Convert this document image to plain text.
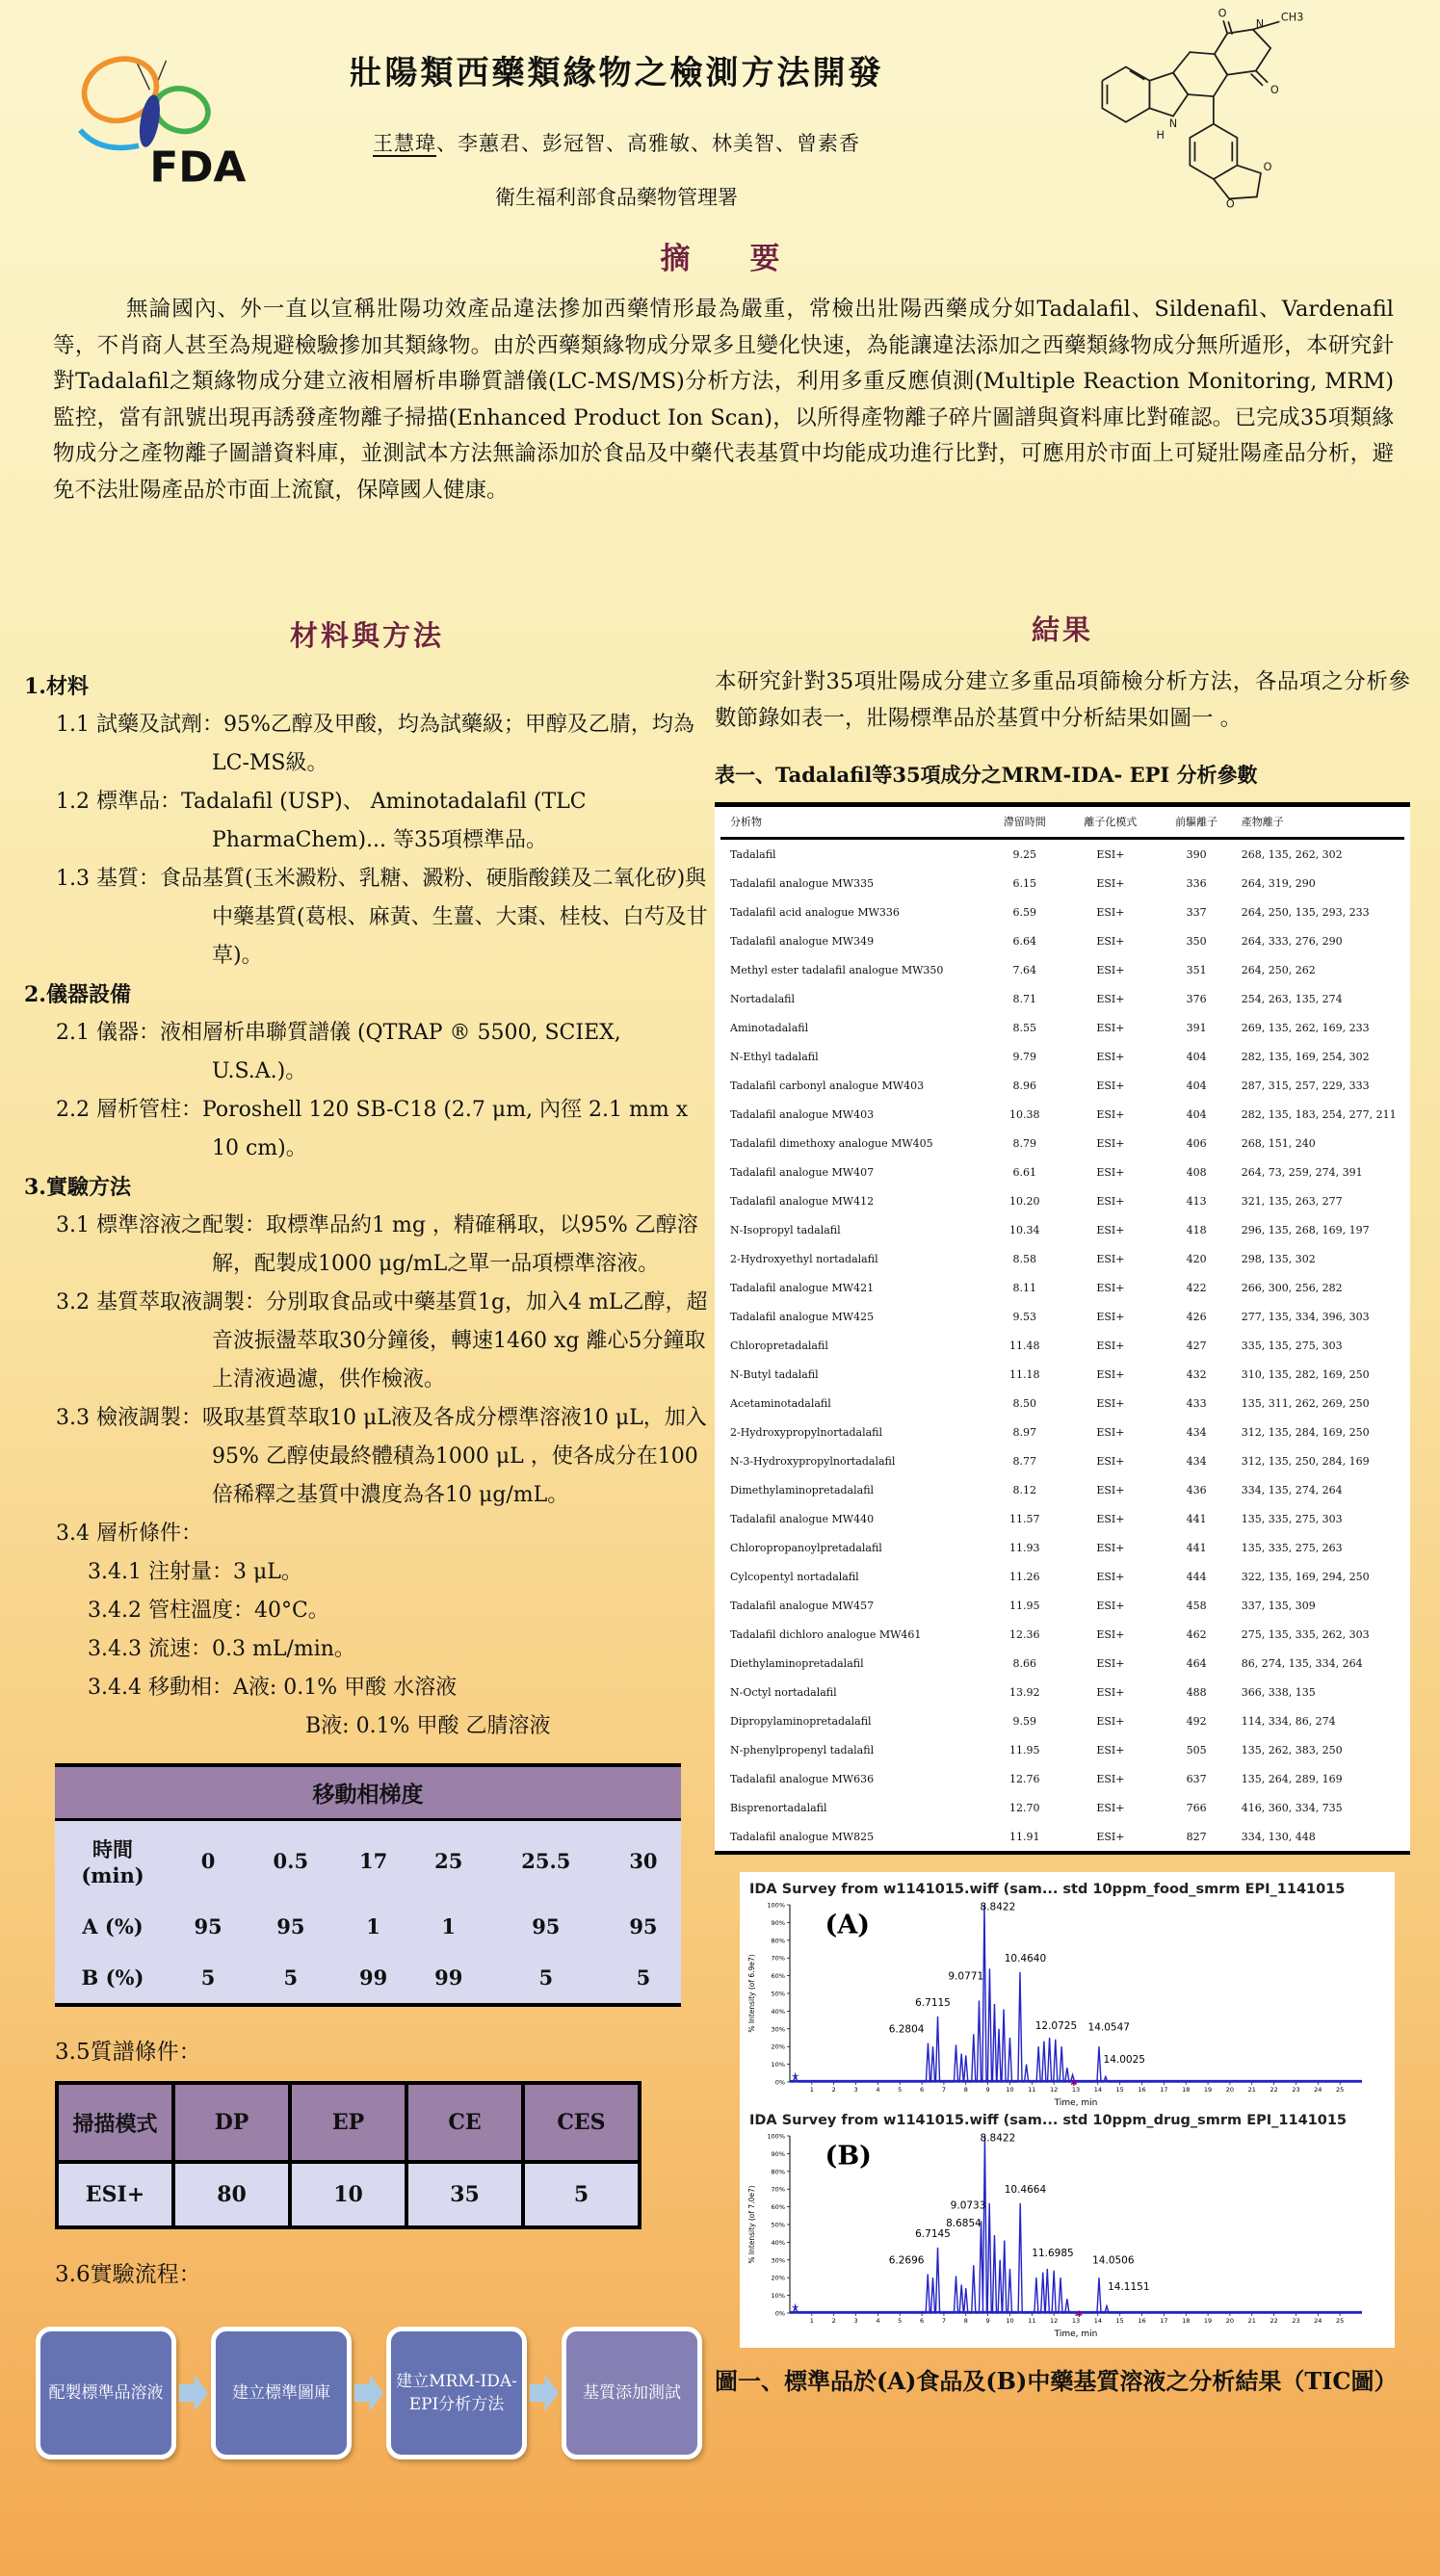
FDA
壯陽類西藥類緣物之檢測方法開發
王慧瑋、李蕙君、彭冠智、高雅敏、林美智、曾素香
衛生福利部食品藥物管理署
O	CH3
N
O
N
H
O
O
摘　　要
無論國內、外一直以宣稱壯陽功效產品違法摻加西藥情形最為嚴重，常檢出壯陽西藥成分如Tadalafil、Sildenafil、Vardenafil 等，不肖商人甚至為規避檢驗摻加其類緣物。由於西藥類緣物成分眾多且變化快速，為能讓違法添加之西藥類緣物成分無所遁形，本研究針對Tadalafil之類緣物成分建立液相層析串聯質譜儀(LC-MS/MS)分析方法，利用多重反應偵測(Multiple Reaction Monitoring, MRM)監控，當有訊號出現再誘發產物離子掃描(Enhanced Product Ion Scan)，以所得產物離子碎片圖譜與資料庫比對確認。已完成35項類緣物成分之產物離子圖譜資料庫，並測試本方法無論添加於食品及中藥代表基質中均能成功進行比對，可應用於市面上可疑壯陽產品分析，避免不法壯陽產品於市面上流竄，保障國人健康。
材料與方法
1.材料
1.1 試藥及試劑：95%乙醇及甲酸，均為試藥級；甲醇及乙腈，均為LC-MS級。
1.2 標準品：Tadalafil (USP)、 Aminotadalafil (TLC PharmaChem)... 等35項標準品。
1.3 基質：食品基質(玉米澱粉、乳糖、澱粉、硬脂酸鎂及二氧化矽)與中藥基質(葛根、麻黃、生薑、大棗、桂枝、白芍及甘草)。
2.儀器設備
2.1 儀器：液相層析串聯質譜儀 (QTRAP ® 5500, SCIEX, U.S.A.)。
2.2 層析管柱：Poroshell 120 SB-C18 (2.7 μm, 內徑 2.1 mm x 10 cm)。
3.實驗方法
3.1 標準溶液之配製：取標準品約1 mg ，精確稱取，以95% 乙醇溶解，配製成1000 μg/mL之單一品項標準溶液。
3.2 基質萃取液調製：分別取食品或中藥基質1g，加入4 mL乙醇，超音波振盪萃取30分鐘後，轉速1460 xg 離心5分鐘取上清液過濾，供作檢液。
3.3 檢液調製：吸取基質萃取10 μL液及各成分標準溶液10 μL，加入95% 乙醇使最終體積為1000 μL ，使各成分在100倍稀釋之基質中濃度為各10 μg/mL。
3.4 層析條件：
3.4.1 注射量：3 μL。
3.4.2 管柱溫度：40°C。
3.4.3 流速：0.3 mL/min。
3.4.4 移動相：A液: 0.1% 甲酸 水溶液
B液: 0.1% 甲酸 乙腈溶液
移動相梯度						
時間 (min)	0	0.5	17	25	25.5	30
A (%)	95	95	1	1	95	95
B (%)	5	5	99	99	5	5
3.5質譜條件：
掃描模式	DP	EP	CE	CES
ESI+	80	10	35	5
3.6實驗流程：
配製標準品溶液	建立標準圖庫
建立MRM-IDA-EPI分析方法
基質添加測試
結果
本研究針對35項壯陽成分建立多重品項篩檢分析方法，各品項之分析參數節錄如表一，壯陽標準品於基質中分析結果如圖一 。
表一、Tadalafil等35項成分之MRM-IDA- EPI 分析參數
分析物	滯留時間	離子化模式	前驅離子	產物離子
Tadalafil	9.25	ESI+	390	268, 135, 262, 302
Tadalafil analogue MW335	6.15	ESI+	336	264, 319, 290
Tadalafil acid analogue MW336	6.59	ESI+	337	264, 250, 135, 293, 233
Tadalafil analogue MW349	6.64	ESI+	350	264, 333, 276, 290
Methyl ester tadalafil analogue MW350	7.64	ESI+	351	264, 250, 262
Nortadalafil	8.71	ESI+	376	254, 263, 135, 274
Aminotadalafil	8.55	ESI+	391	269, 135, 262, 169, 233
N-Ethyl tadalafil	9.79	ESI+	404	282, 135, 169, 254, 302
Tadalafil carbonyl analogue MW403	8.96	ESI+	404	287, 315, 257, 229, 333
Tadalafil analogue MW403	10.38	ESI+	404	282, 135, 183, 254, 277, 211
Tadalafil dimethoxy analogue MW405	8.79	ESI+	406	268, 151, 240
Tadalafil analogue MW407	6.61	ESI+	408	264, 73, 259, 274, 391
Tadalafil analogue MW412	10.20	ESI+	413	321, 135, 263, 277
N-Isopropyl tadalafil	10.34	ESI+	418	296, 135, 268, 169, 197
2-Hydroxyethyl nortadalafil	8.58	ESI+	420	298, 135, 302
Tadalafil analogue MW421	8.11	ESI+	422	266, 300, 256, 282
Tadalafil analogue MW425	9.53	ESI+	426	277, 135, 334, 396, 303
Chloropretadalafil	11.48	ESI+	427	335, 135, 275, 303
N-Butyl tadalafil	11.18	ESI+	432	310, 135, 282, 169, 250
Acetaminotadalafil	8.50	ESI+	433	135, 311, 262, 269, 250
2-Hydroxypropylnortadalafil	8.97	ESI+	434	312, 135, 284, 169, 250
N-3-Hydroxypropylnortadalafil	8.77	ESI+	434	312, 135, 250, 284, 169
Dimethylaminopretadalafil	8.12	ESI+	436	334, 135, 274, 264
Tadalafil analogue MW440	11.57	ESI+	441	135, 335, 275, 303
Chloropropanoylpretadalafil	11.93	ESI+	441	135, 335, 275, 263
Cylcopentyl nortadalafil	11.26	ESI+	444	322, 135, 169, 294, 250
Tadalafil analogue MW457	11.95	ESI+	458	337, 135, 309
Tadalafil dichloro analogue MW461	12.36	ESI+	462	275, 135, 335, 262, 303
Diethylaminopretadalafil	8.66	ESI+	464	86, 274, 135, 334, 264
N-Octyl nortadalafil	13.92	ESI+	488	366, 338, 135
Dipropylaminopretadalafil	9.59	ESI+	492	114, 334, 86, 274
N-phenylpropenyl tadalafil	11.95	ESI+	505	135, 262, 383, 250
Tadalafil analogue MW636	12.76	ESI+	637	135, 264, 289, 169
Bisprenortadalafil	12.70	ESI+	766	416, 360, 334, 735
Tadalafil analogue MW825	11.91	ESI+	827	334, 130, 448
IDA Survey from w1141015.wiff (sam... std 10ppm_food_smrm EPI_1141015
0%
10%
20%
30%
40%
50%
60%
70%
80%
90%
100%
1	2	3	4	5	6	7	8	9	10 11 12 13 14 15 16 17 18 19 20 21 22 23 24 25
6.2804
6.7115
8.8422
9.0771
10.4640
12.0725 14.0547
14.0025
(A)
✱
+
Time, min
% Intensity (of 6.9e7)
IDA Survey from w1141015.wiff (sam... std 10ppm_drug_smrm EPI_1141015
0%
10%
20%
30%
40%
50%
60%
70%
80%
90%
100%
1	2	3	4	5	6	7	8	9	10 11 12 13 14 15 16 17 18 19 20 21 22 23 24 25
6.2696
6.7145
8.6854
8.8422
9.0733
10.4664
11.6985
14.0506
14.1151
(B)
✱
+
Time, min
% Intensity (of 7.0e7)
圖一、標準品於(A)食品及(B)中藥基質溶液之分析結果（TIC圖）
